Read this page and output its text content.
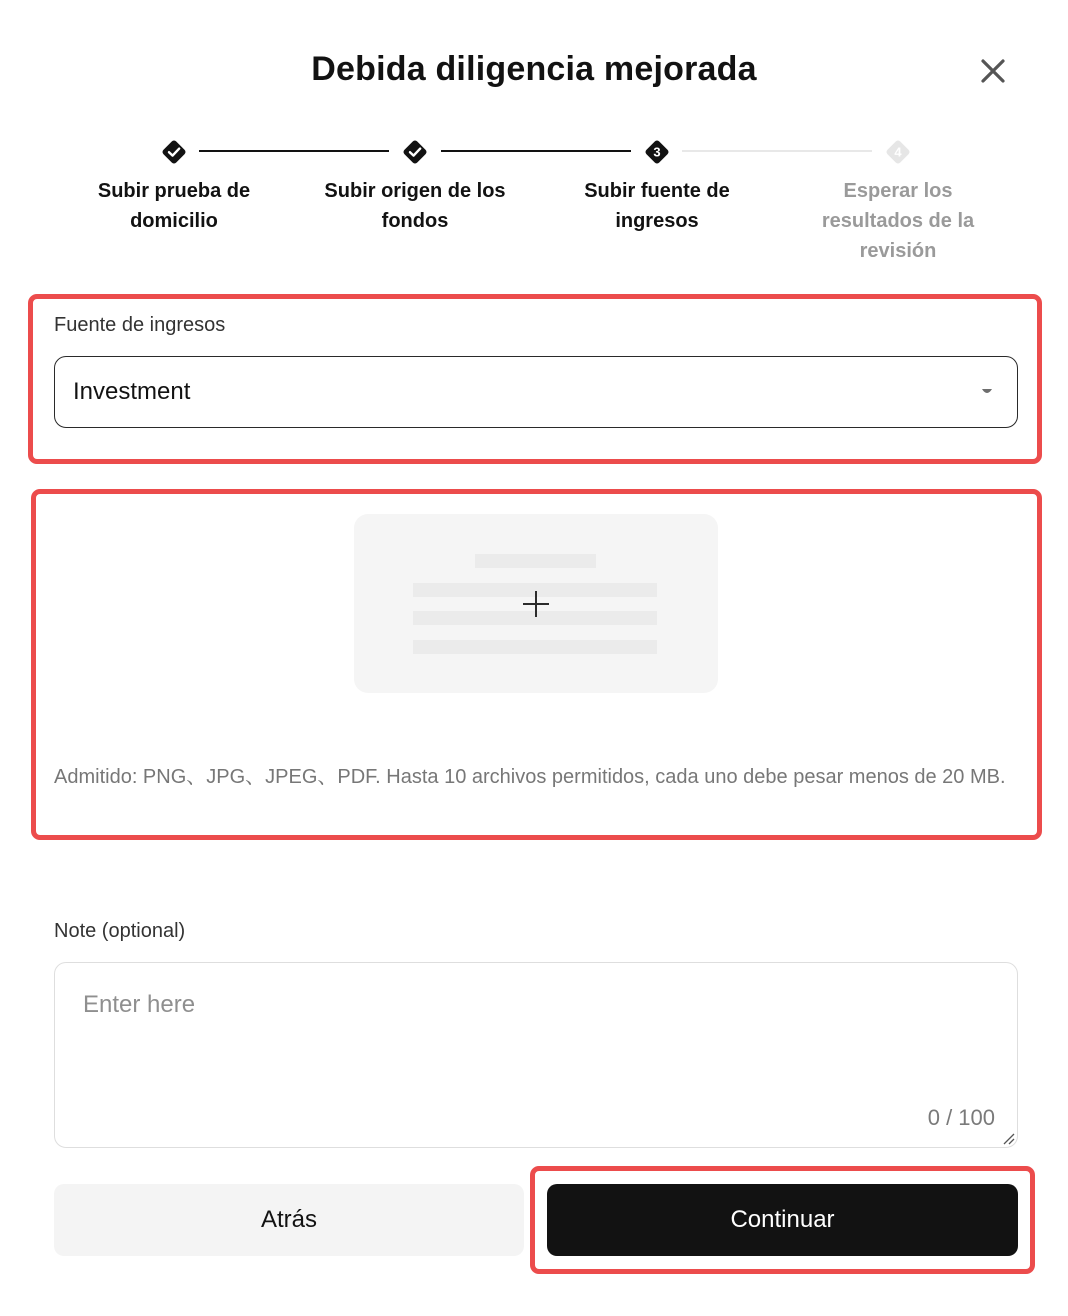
Debida diligencia mejorada
3	4
Subir prueba de domicilio
Subir origen de los fondos
Subir fuente de ingresos
Esperar los resultados de la revisión
Fuente de ingresos
Investment
Admitido: PNG、JPG、JPEG、PDF. Hasta 10 archivos permitidos, cada uno debe pesar menos de 20 MB.
Note (optional)
Enter here
0 / 100
Atrás	Continuar
